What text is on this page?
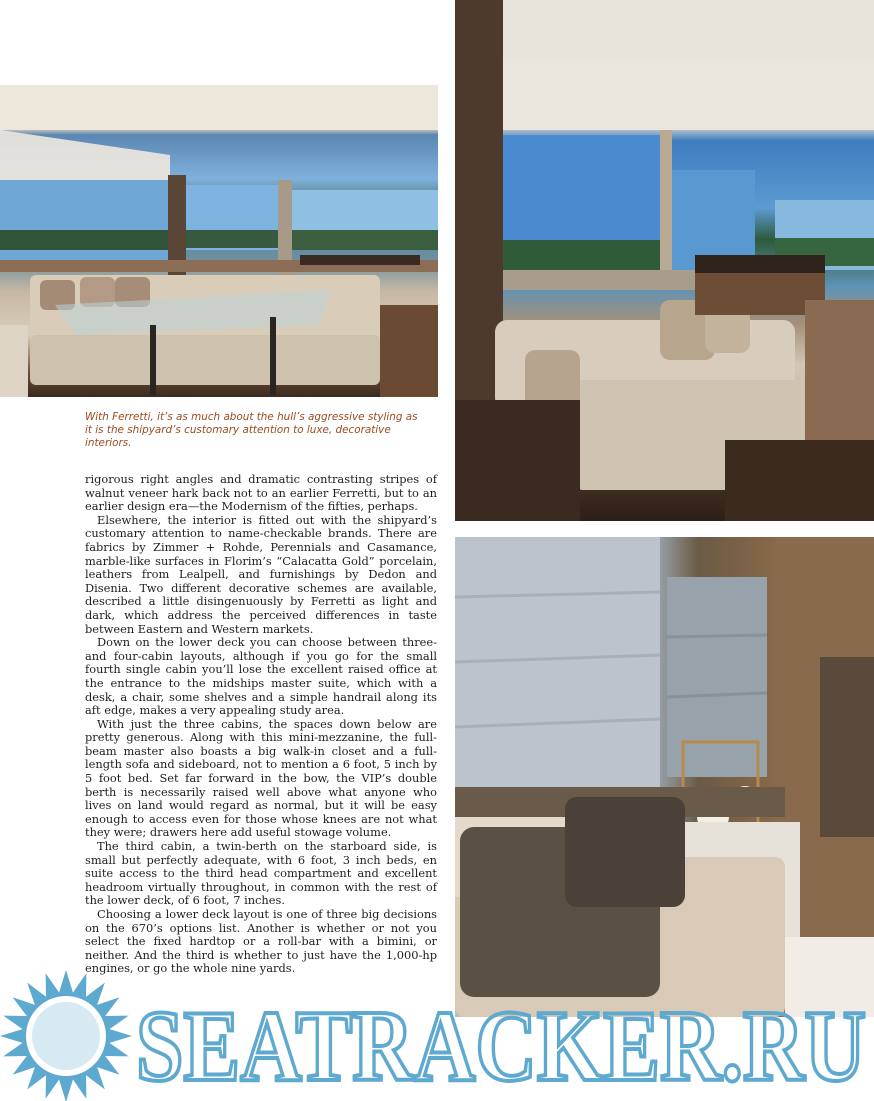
With Ferretti, it’s as much about the hull’s aggressive styling as it is the shipyard’s customary attention to luxe, decorative interiors.

rigorous right angles and dramatic contrasting stripes of walnut veneer hark back not to an earlier Ferretti, but to an earlier design era—the Modernism of the fifties, perhaps.

Elsewhere, the interior is fitted out with the shipyard’s customary attention to name-checkable brands. There are fabrics by Zimmer + Rohde, Perennials and Casamance, marble-like surfaces in Florim’s “Calacatta Gold” porcelain, leathers from Lealpell, and furnishings by Dedon and Disenia. Two different decorative schemes are available, described a little disingenuously by Ferretti as light and dark, which address the perceived differences in taste between Eastern and Western markets.

Down on the lower deck you can choose between three-and four-cabin layouts, although if you go for the small fourth single cabin you’ll lose the excellent raised office at the entrance to the midships master suite, which with a desk, a chair, some shelves and a simple handrail along its aft edge, makes a very appealing study area.

With just the three cabins, the spaces down below are pretty generous. Along with this mini-mezzanine, the full-beam master also boasts a big walk-in closet and a full-length sofa and sideboard, not to mention a 6 foot, 5 inch by 5 foot bed. Set far forward in the bow, the VIP’s double berth is necessarily raised well above what anyone who lives on land would regard as normal, but it will be easy enough to access even for those whose knees are not what they were; drawers here add useful stowage volume.

The third cabin, a twin-berth on the starboard side, is small but perfectly adequate, with 6 foot, 3 inch beds, en suite access to the third head compartment and excellent headroom virtually throughout, in common with the rest of the lower deck, of 6 foot, 7 inches.

Choosing a lower deck layout is one of three big decisions on the 670’s options list. Another is whether or not you select the fixed hardtop or a roll-bar with a bimini, or neither. And the third is whether to just have the 1,000-hp engines, or go the whole nine yards.

SEATRACKER.RU
